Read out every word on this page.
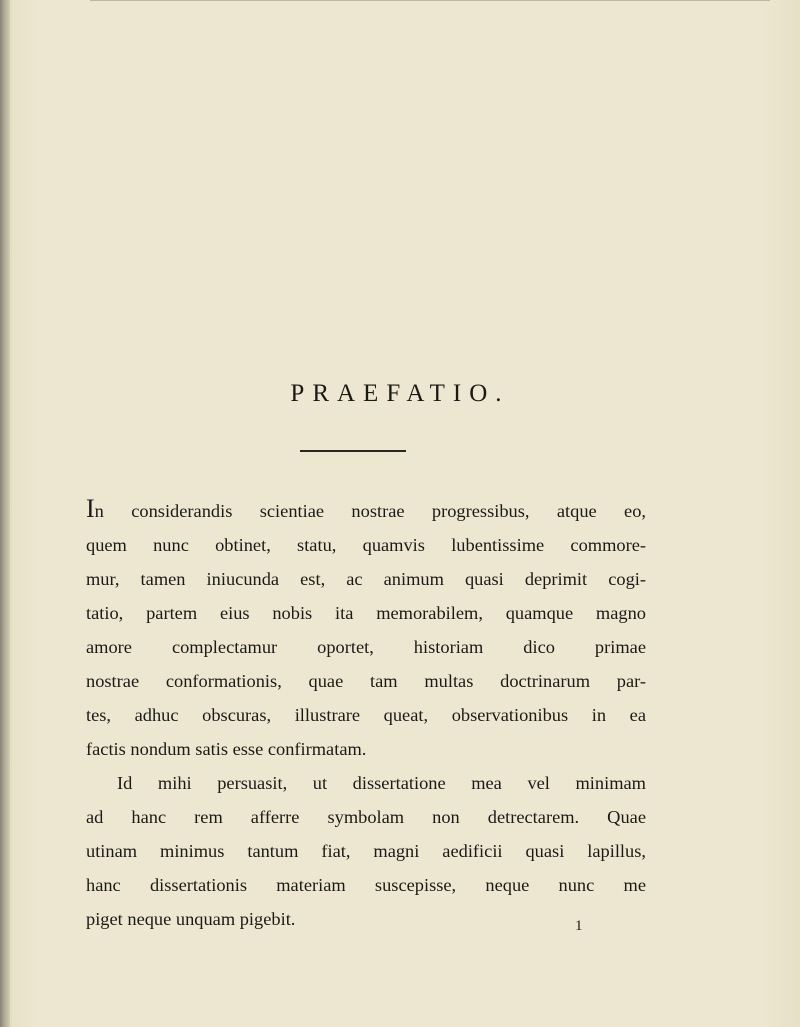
PRAEFATIO.
In considerandis scientiae nostrae progressibus, atque eo,
quem nunc obtinet, statu, quamvis lubentissime commore-
mur, tamen iniucunda est, ac animum quasi deprimit cogi-
tatio, partem eius nobis ita memorabilem, quamque magno
amore complectamur oportet, historiam dico primae
nostrae conformationis, quae tam multas doctrinarum par-
tes, adhuc obscuras, illustrare queat, observationibus in ea
factis nondum satis esse confirmatam.
Id mihi persuasit, ut dissertatione mea vel minimam
ad hanc rem afferre symbolam non detrectarem. Quae
utinam minimus tantum fiat, magni aedificii quasi lapillus,
hanc dissertationis materiam suscepisse, neque nunc me
piget neque unquam pigebit.	1
